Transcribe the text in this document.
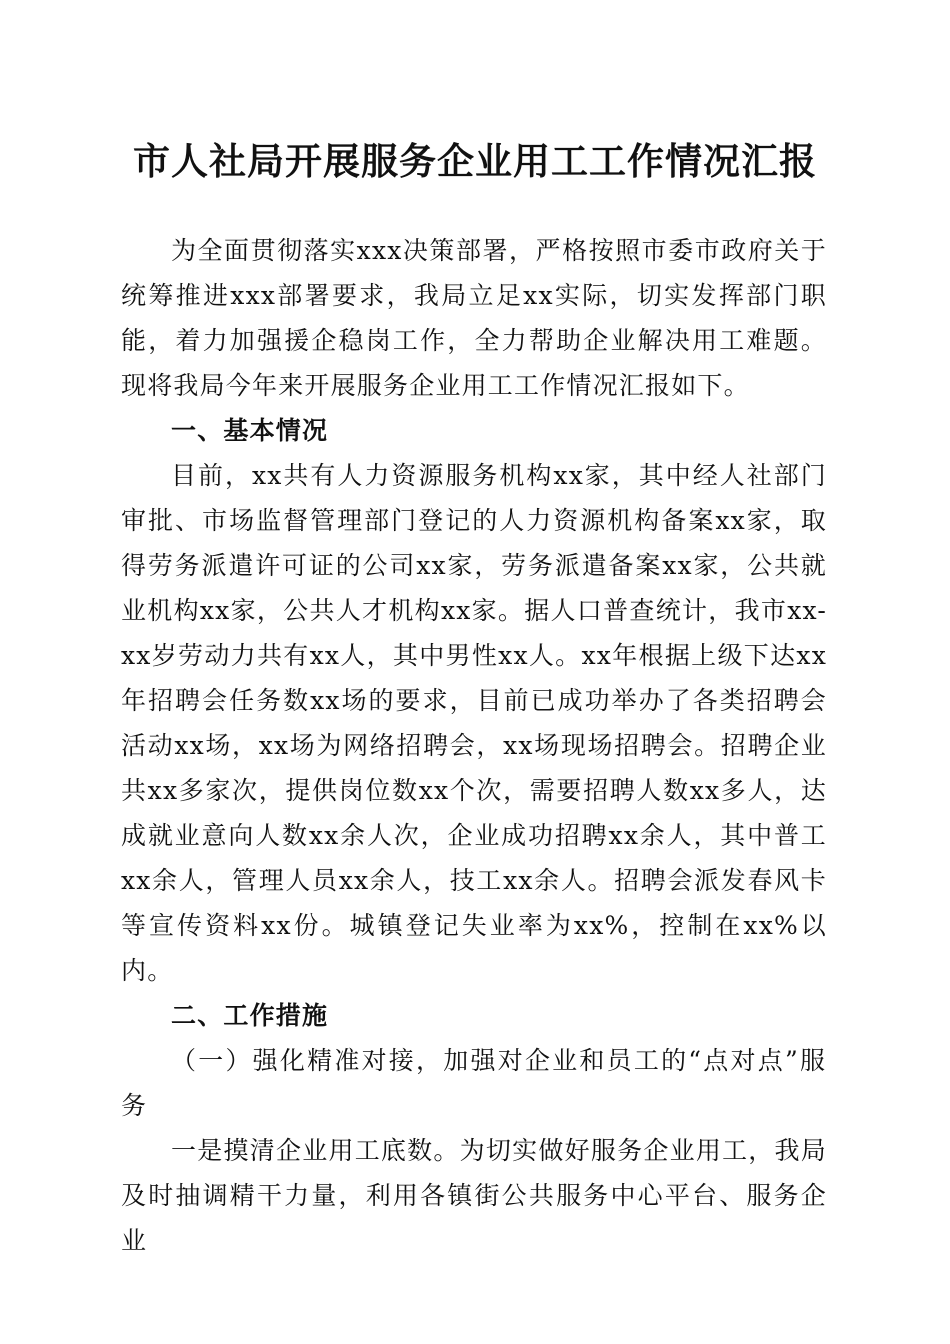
市人社局开展服务企业用工工作情况汇报

为全面贯彻落实xxx决策部署，严格按照市委市政府关于统筹推进xxx部署要求，我局立足xx实际，切实发挥部门职能，着力加强援企稳岗工作，全力帮助企业解决用工难题。现将我局今年来开展服务企业用工工作情况汇报如下。

一、基本情况

目前，xx共有人力资源服务机构xx家，其中经人社部门审批、市场监督管理部门登记的人力资源机构备案xx家，取得劳务派遣许可证的公司xx家，劳务派遣备案xx家，公共就业机构xx家，公共人才机构xx家。据人口普查统计，我市xx-xx岁劳动力共有xx人，其中男性xx人。xx年根据上级下达xx年招聘会任务数xx场的要求，目前已成功举办了各类招聘会活动xx场，xx场为网络招聘会，xx场现场招聘会。招聘企业共xx多家次，提供岗位数xx个次，需要招聘人数xx多人，达成就业意向人数xx余人次，企业成功招聘xx余人，其中普工xx余人，管理人员xx余人，技工xx余人。招聘会派发春风卡等宣传资料xx份。城镇登记失业率为xx%，控制在xx%以内。

二、工作措施

（一）强化精准对接，加强对企业和员工的“点对点”服务

一是摸清企业用工底数。为切实做好服务企业用工，我局及时抽调精干力量，利用各镇街公共服务中心平台、服务企业
